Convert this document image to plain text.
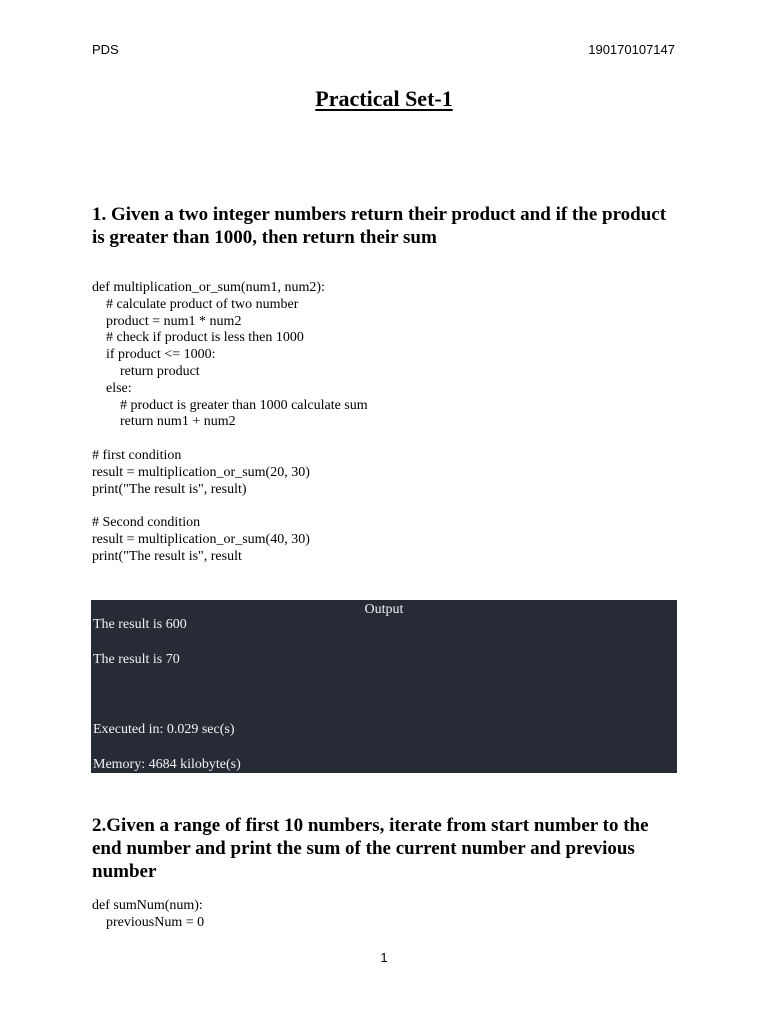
PDS	190170107147
Practical Set-1
1. Given a two integer numbers return their product and if the product is greater than 1000, then return their sum
def multiplication_or_sum(num1, num2):
# calculate product of two number
product = num1 * num2
# check if product is less then 1000
if product <= 1000:
return product
else:
# product is greater than 1000 calculate sum
return num1 + num2
# first condition
result = multiplication_or_sum(20, 30)
print("The result is", result)
# Second condition
result = multiplication_or_sum(40, 30)
print("The result is", result
Output
The result is 600
The result is 70
Executed in: 0.029 sec(s)
Memory: 4684 kilobyte(s)
2.Given a range of first 10 numbers, iterate from start number to the end number and print the sum of the current number and previous number
def sumNum(num):
previousNum = 0
1
